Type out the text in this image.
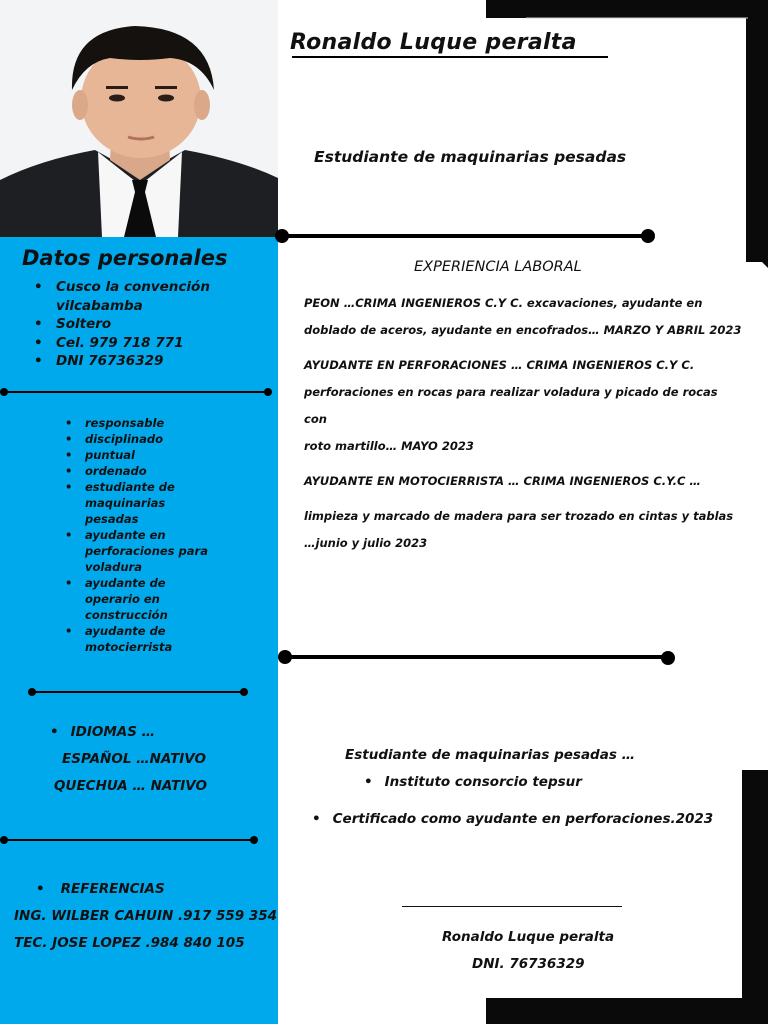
Ronaldo Luque peralta
Estudiante de maquinarias pesadas
Datos personales
• Cusco la convención vilcabamba
• Soltero
• Cel. 979 718 771
• DNI 76736329
• responsable
• disciplinado
• puntual
• ordenado
• estudiante de maquinarias pesadas
• ayudante en perforaciones para voladura
• ayudante de operario en construcción
• ayudante de motocierrista
• IDIOMAS …
ESPAÑOL …NATIVO
QUECHUA … NATIVO
• REFERENCIAS
ING. WILBER CAHUIN .917 559 354
TEC. JOSE LOPEZ .984 840 105
EXPERIENCIA LABORAL

PEON …CRIMA INGENIEROS C.Y C. excavaciones, ayudante en

doblado de aceros, ayudante en encofrados… MARZO Y ABRIL 2023

AYUDANTE EN PERFORACIONES … CRIMA INGENIEROS C.Y C.

perforaciones en rocas para realizar voladura y picado de rocas con

roto martillo… MAYO 2023

AYUDANTE EN MOTOCIERRISTA … CRIMA INGENIEROS C.Y.C …

limpieza y marcado de madera para ser trozado en cintas y tablas

…junio y julio 2023

Estudiante de maquinarias pesadas …
• Instituto consorcio tepsur
• Certificado como ayudante en perforaciones.2023
Ronaldo Luque peralta
DNI. 76736329
